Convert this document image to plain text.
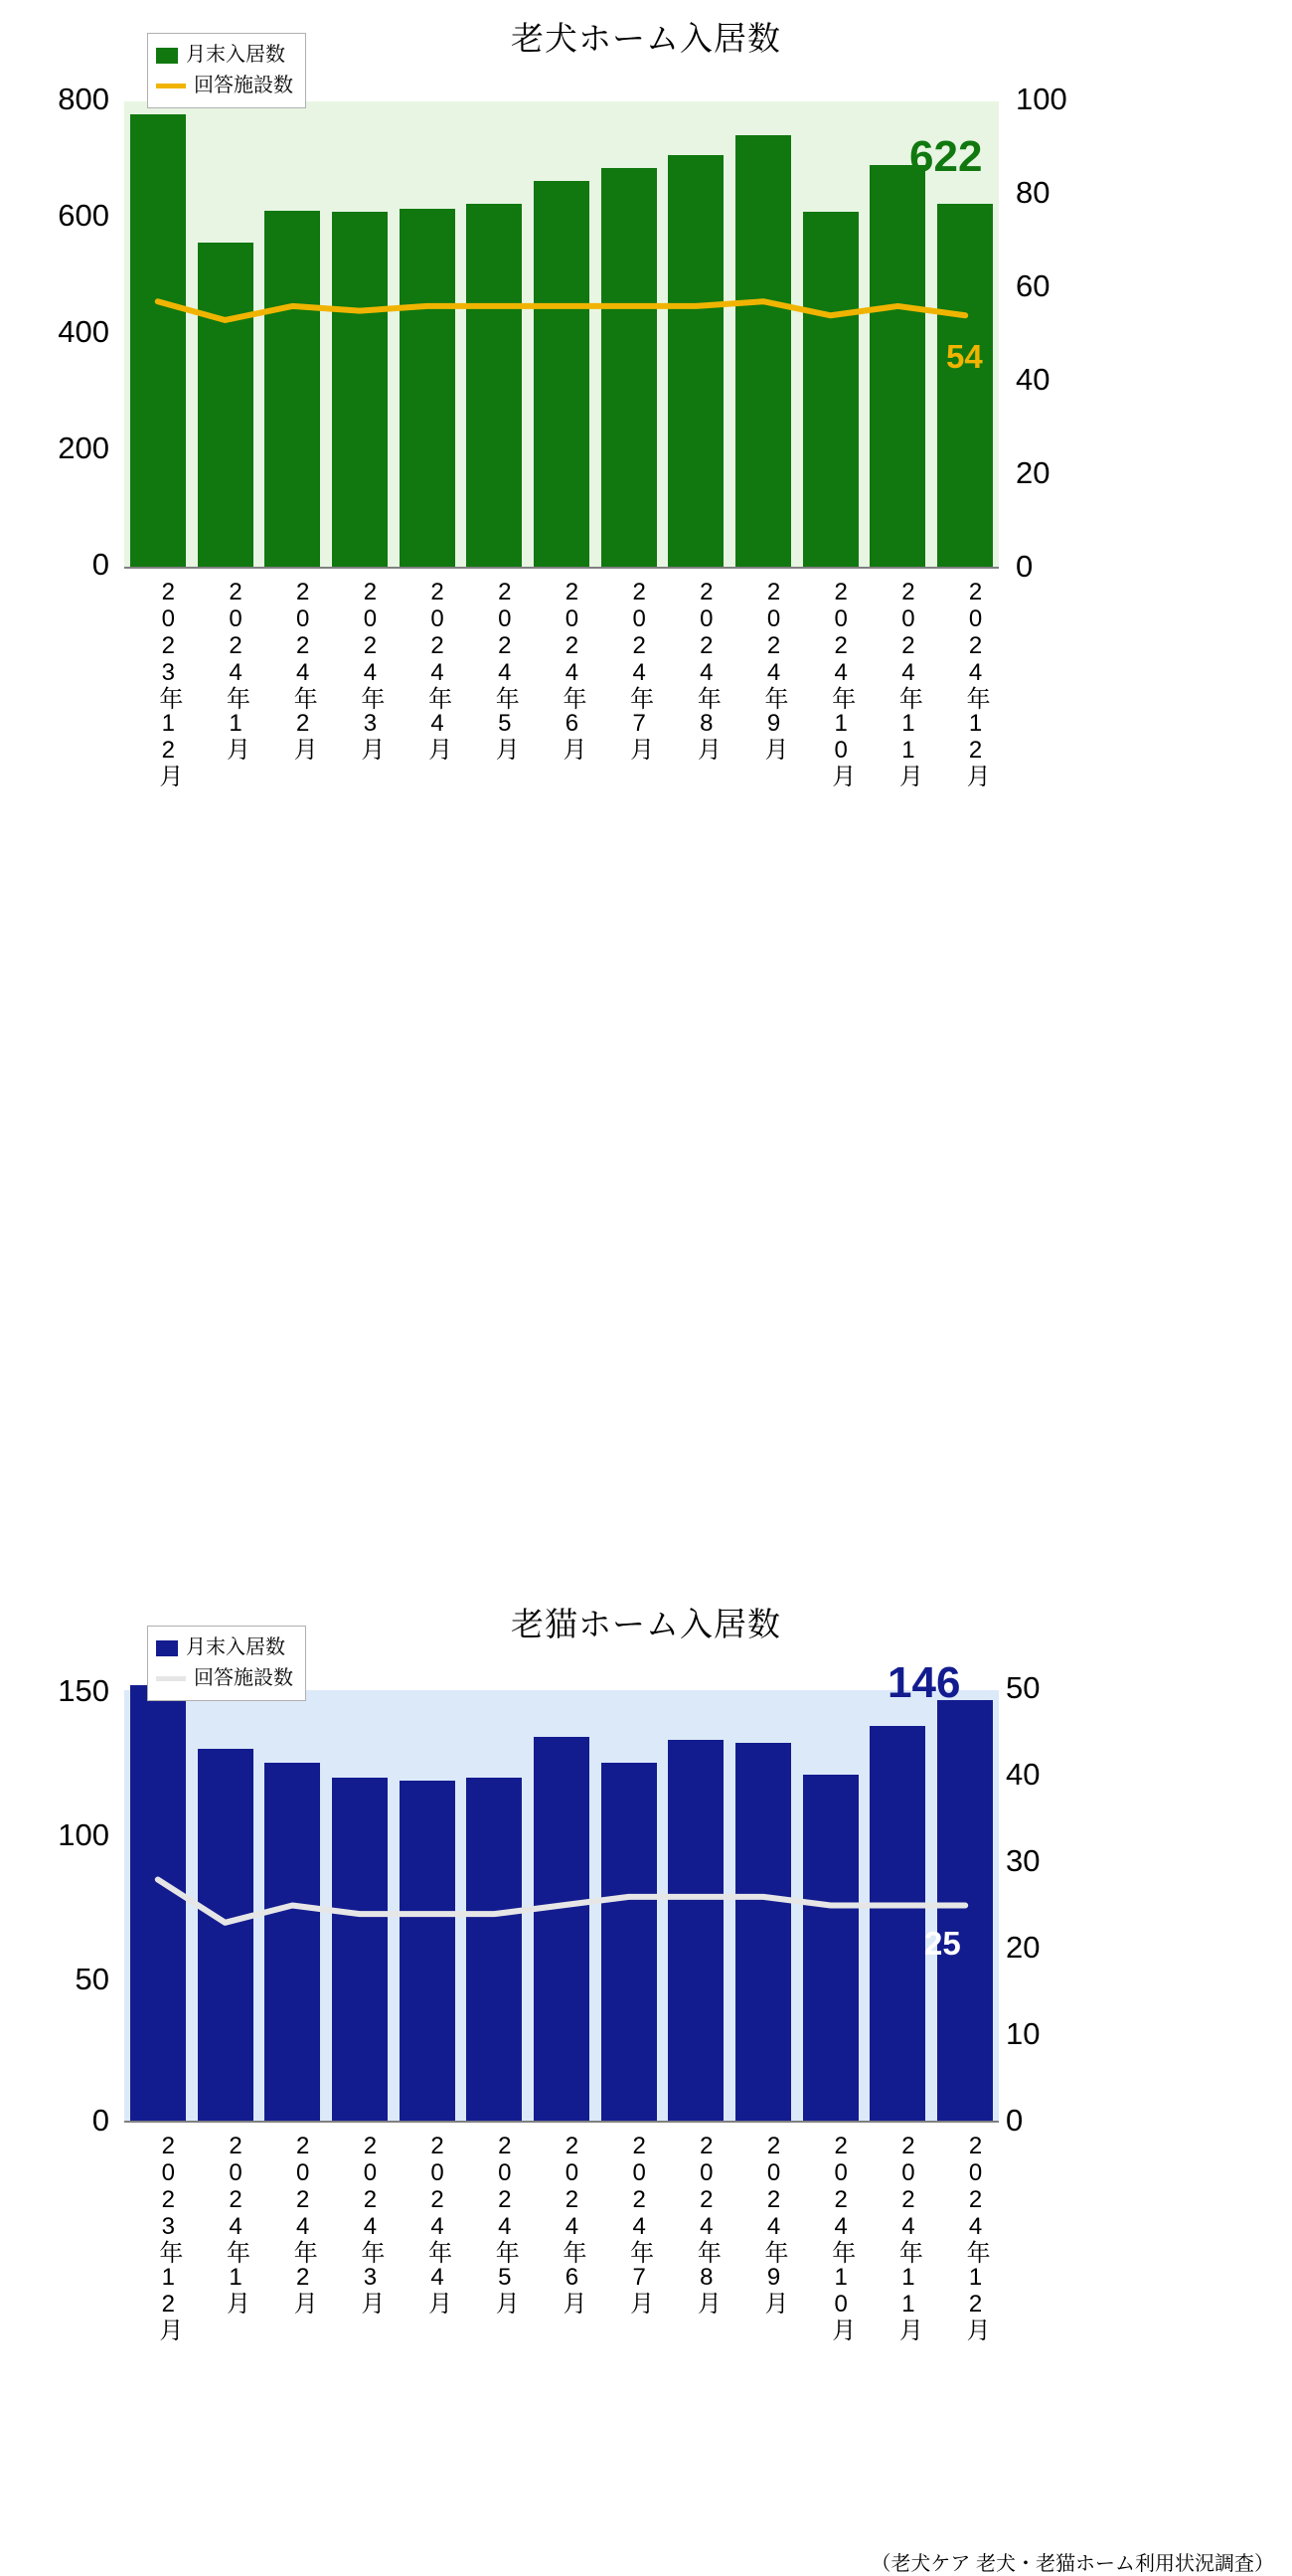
老犬ホーム入居数
800
600
400
200
0
100
80
60
40
20
0
2023年12月	2024年1月	2024年2月	2024年3月	2024年4月	2024年5月	2024年6月	2024年7月	2024年8月	2024年9月	2024年10月	2024年11月	2024年12月
月末入居数
回答施設数
622
54
老猫ホーム入居数
150
100
50
0
50
40
30
20
10
0
2023年12月	2024年1月	2024年2月	2024年3月	2024年4月	2024年5月	2024年6月	2024年7月	2024年8月	2024年9月	2024年10月	2024年11月	2024年12月
月末入居数
回答施設数	146
25
（老犬ケア 老犬・老猫ホーム利用状況調査）
